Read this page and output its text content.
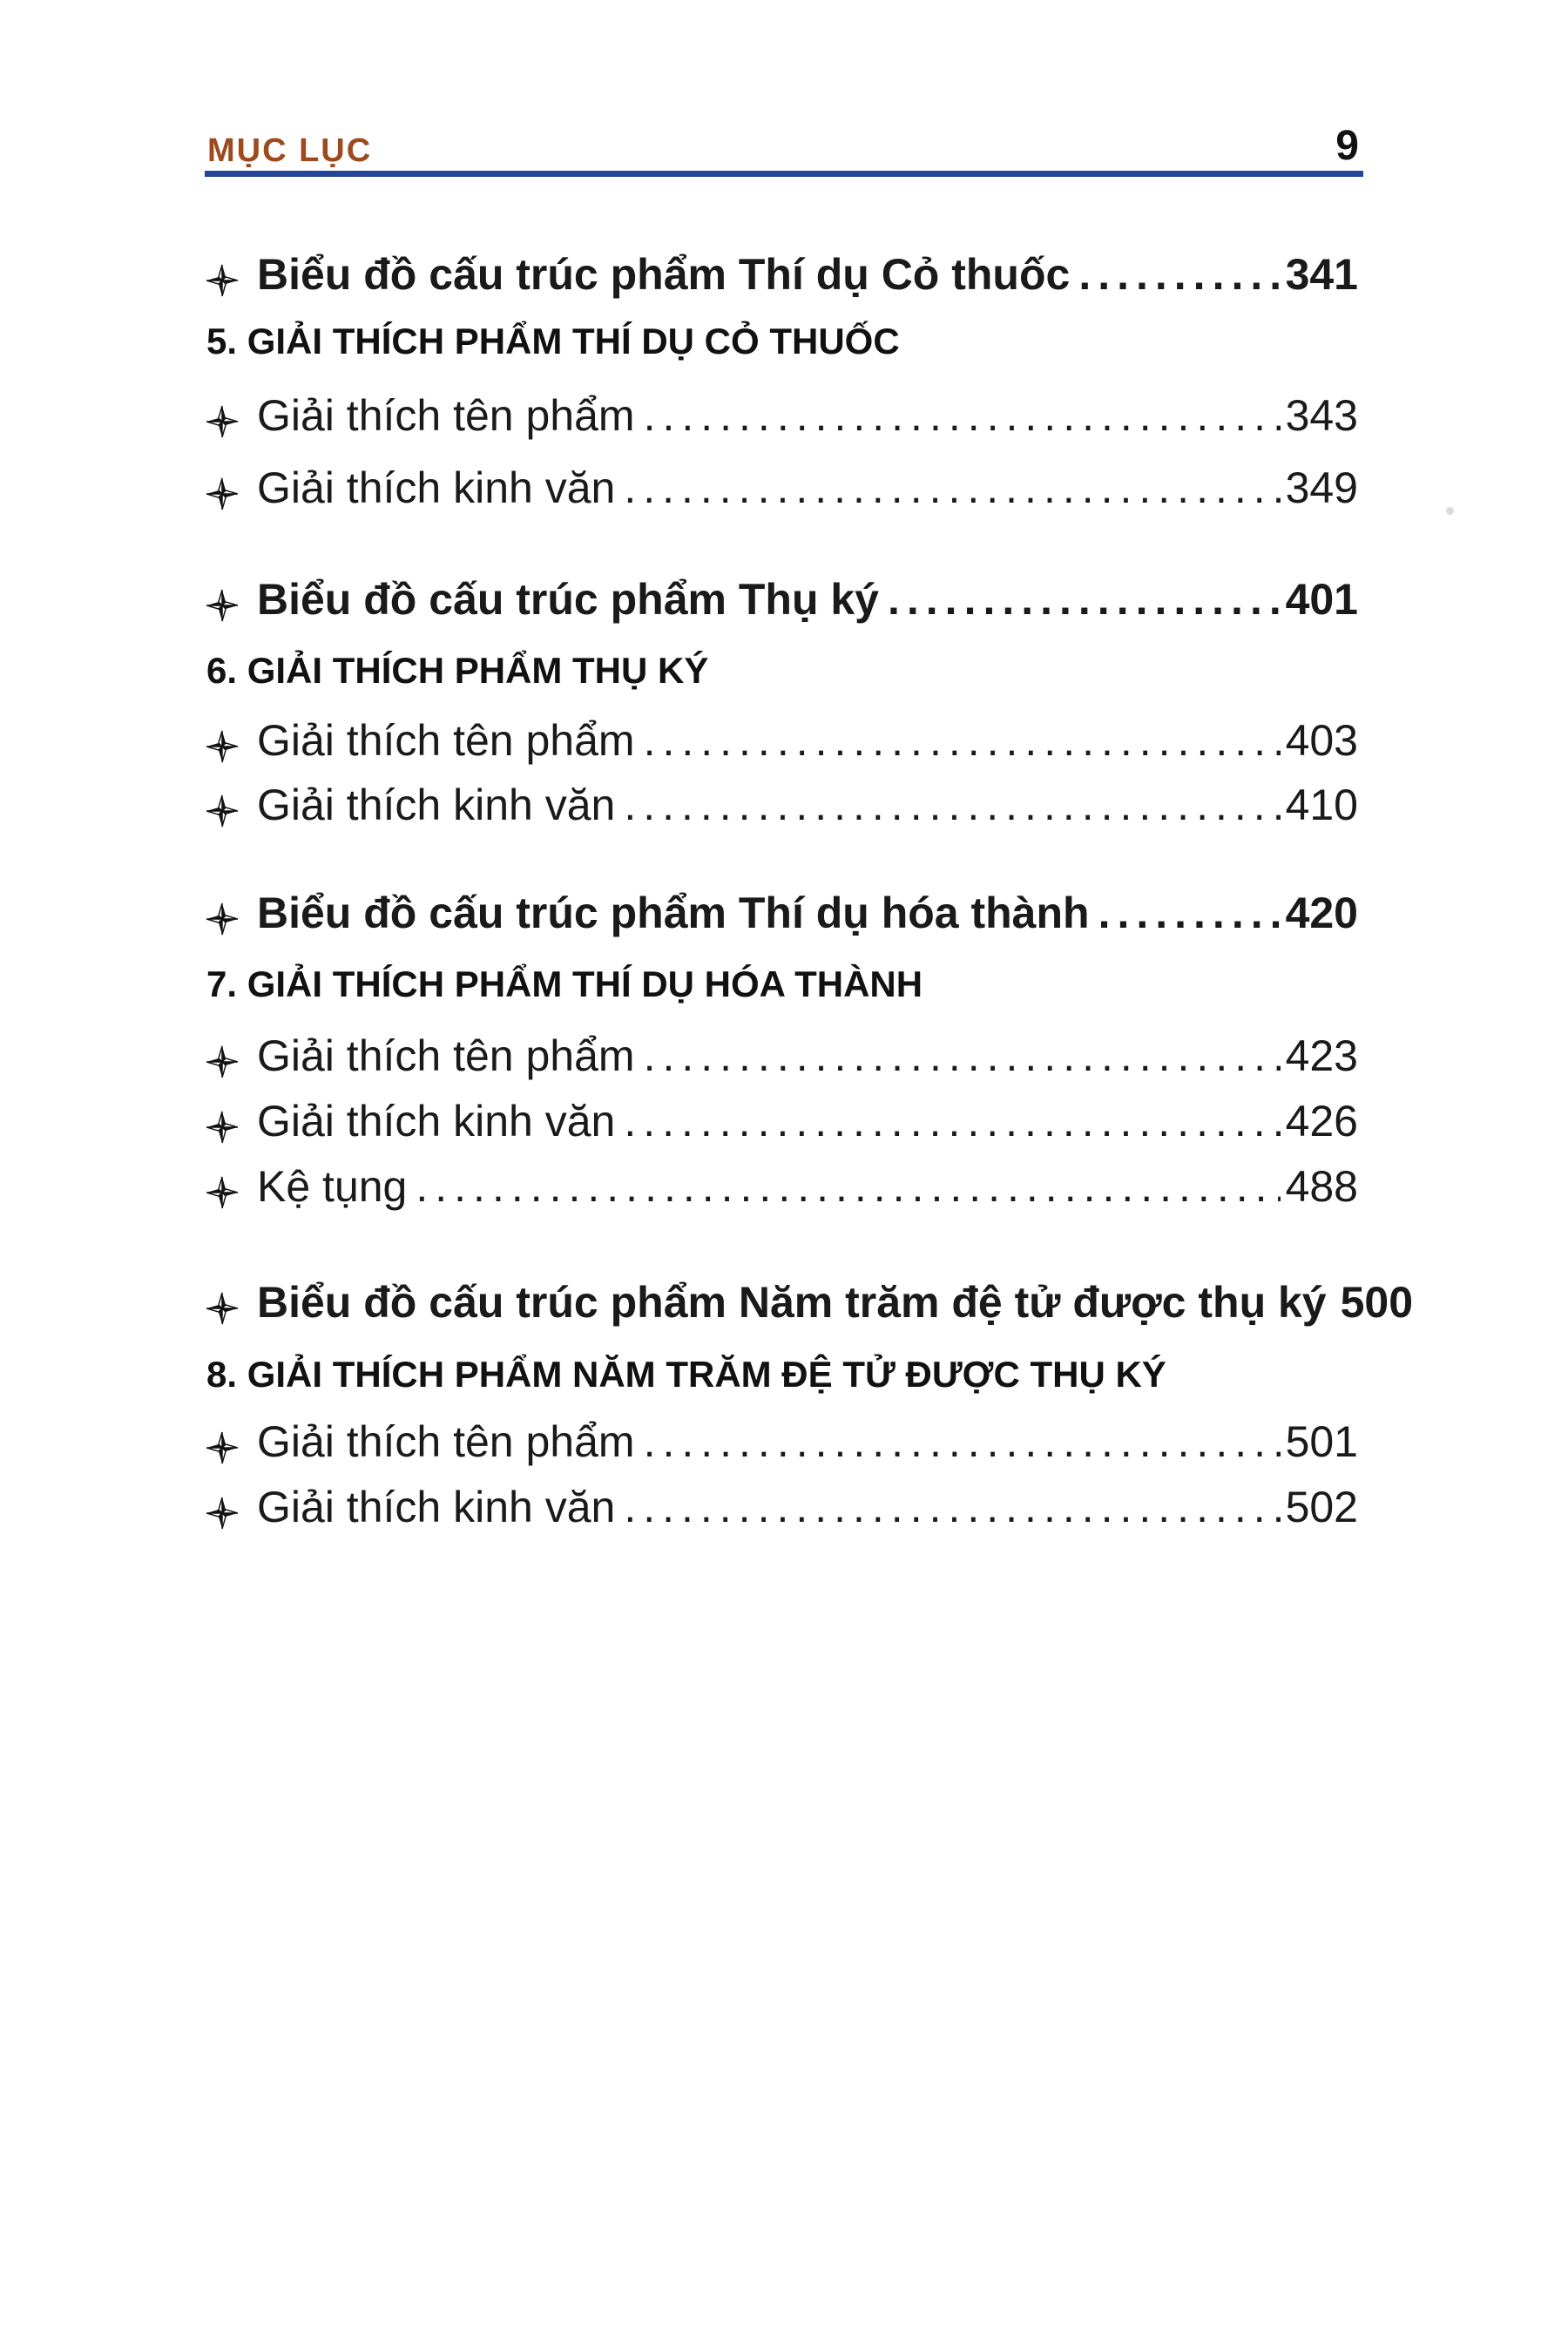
MỤC LỤC	9
Biểu đồ cấu trúc phẩm Thí dụ Cỏ thuốc .....	341
5. GIẢI THÍCH PHẨM THÍ DỤ CỎ THUỐC
Giải thích tên phẩm .....	343
Giải thích kinh văn .....	349
Biểu đồ cấu trúc phẩm Thụ ký .....	401
6. GIẢI THÍCH PHẨM THỤ KÝ
Giải thích tên phẩm .....	403
Giải thích kinh văn .....	410
Biểu đồ cấu trúc phẩm Thí dụ hóa thành .....	420
7. GIẢI THÍCH PHẨM THÍ DỤ HÓA THÀNH
Giải thích tên phẩm .....	423
Giải thích kinh văn .....	426
Kệ tụng .....	488
Biểu đồ cấu trúc phẩm Năm trăm đệ tử được thụ ký 500
8. GIẢI THÍCH PHẨM NĂM TRĂM ĐỆ TỬ ĐƯỢC THỤ KÝ
Giải thích tên phẩm .....	501
Giải thích kinh văn .....	502
